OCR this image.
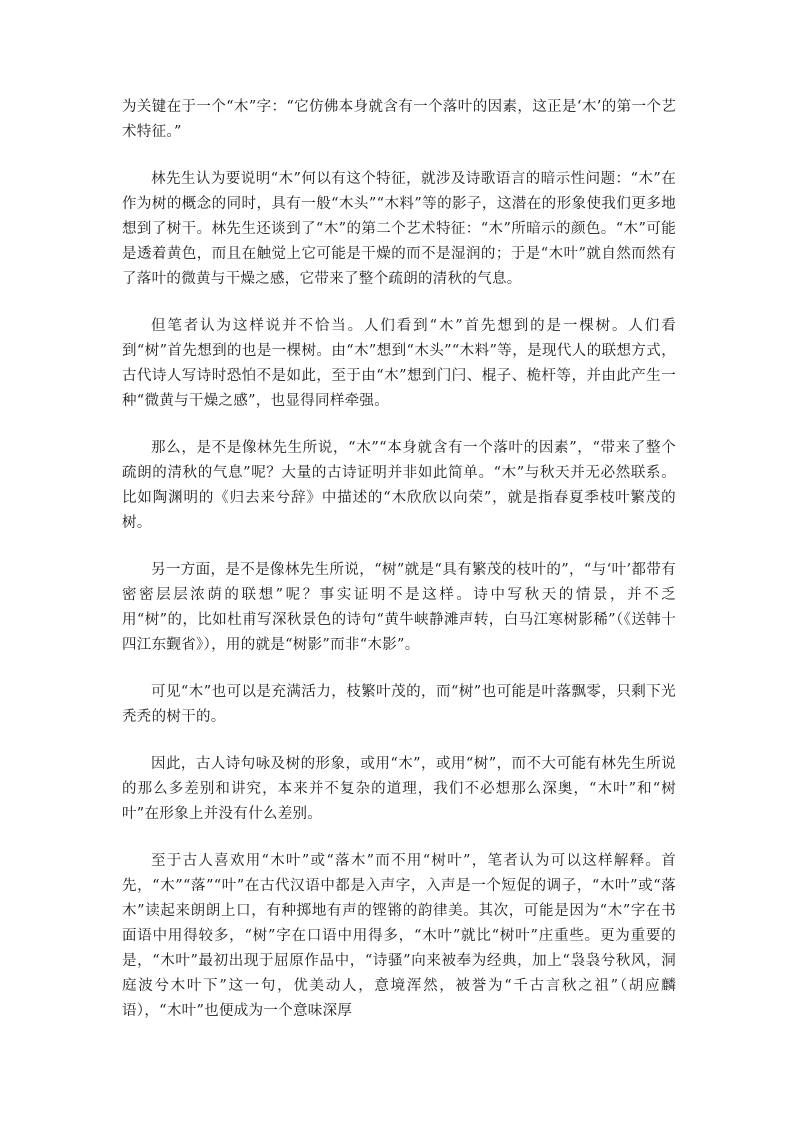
为关键在于一个“木”字：“它仿佛本身就含有一个落叶的因素，这正是‘木’的第一个艺术特征。”

林先生认为要说明“木”何以有这个特征，就涉及诗歌语言的暗示性问题：“木”在作为树的概念的同时，具有一般“木头”“木料”等的影子，这潜在的形象使我们更多地想到了树干。林先生还谈到了“木”的第二个艺术特征：“木”所暗示的颜色。“木”可能是透着黄色，而且在触觉上它可能是干燥的而不是湿润的；于是“木叶”就自然而然有了落叶的微黄与干燥之感，它带来了整个疏朗的清秋的气息。

但笔者认为这样说并不恰当。人们看到“木”首先想到的是一棵树。人们看到“树”首先想到的也是一棵树。由“木”想到“木头”“木料”等，是现代人的联想方式，古代诗人写诗时恐怕不是如此，至于由“木”想到门闩、棍子、桅杆等，并由此产生一种“微黄与干燥之感”，也显得同样牵强。

那么，是不是像林先生所说，“木”“本身就含有一个落叶的因素”，“带来了整个疏朗的清秋的气息”呢？大量的古诗证明并非如此简单。“木”与秋天并无必然联系。比如陶渊明的《归去来兮辞》中描述的“木欣欣以向荣”，就是指春夏季枝叶繁茂的树。

另一方面，是不是像林先生所说，“树”就是“具有繁茂的枝叶的”，“与‘叶’都带有密密层层浓荫的联想”呢？事实证明不是这样。诗中写秋天的情景，并不乏用“树”的，比如杜甫写深秋景色的诗句“黄牛峡静滩声转，白马江寒树影稀”（《送韩十四江东觐省》），用的就是“树影”而非“木影”。

可见“木”也可以是充满活力，枝繁叶茂的，而“树”也可能是叶落飘零，只剩下光秃秃的树干的。

因此，古人诗句咏及树的形象，或用“木”，或用“树”，而不大可能有林先生所说的那么多差别和讲究，本来并不复杂的道理，我们不必想那么深奥，“木叶”和“树叶”在形象上并没有什么差别。

至于古人喜欢用“木叶”或“落木”而不用“树叶”，笔者认为可以这样解释。首先，“木”“落”“叶”在古代汉语中都是入声字，入声是一个短促的调子，“木叶”或“落木”读起来朗朗上口，有种掷地有声的铿锵的韵律美。其次，可能是因为“木”字在书面语中用得较多，“树”字在口语中用得多，“木叶”就比“树叶”庄重些。更为重要的是，“木叶”最初出现于屈原作品中，“诗骚”向来被奉为经典，加上“袅袅兮秋风，洞庭波兮木叶下”这一句，优美动人，意境浑然，被誉为“千古言秋之祖”（胡应麟语），“木叶”也便成为一个意味深厚
